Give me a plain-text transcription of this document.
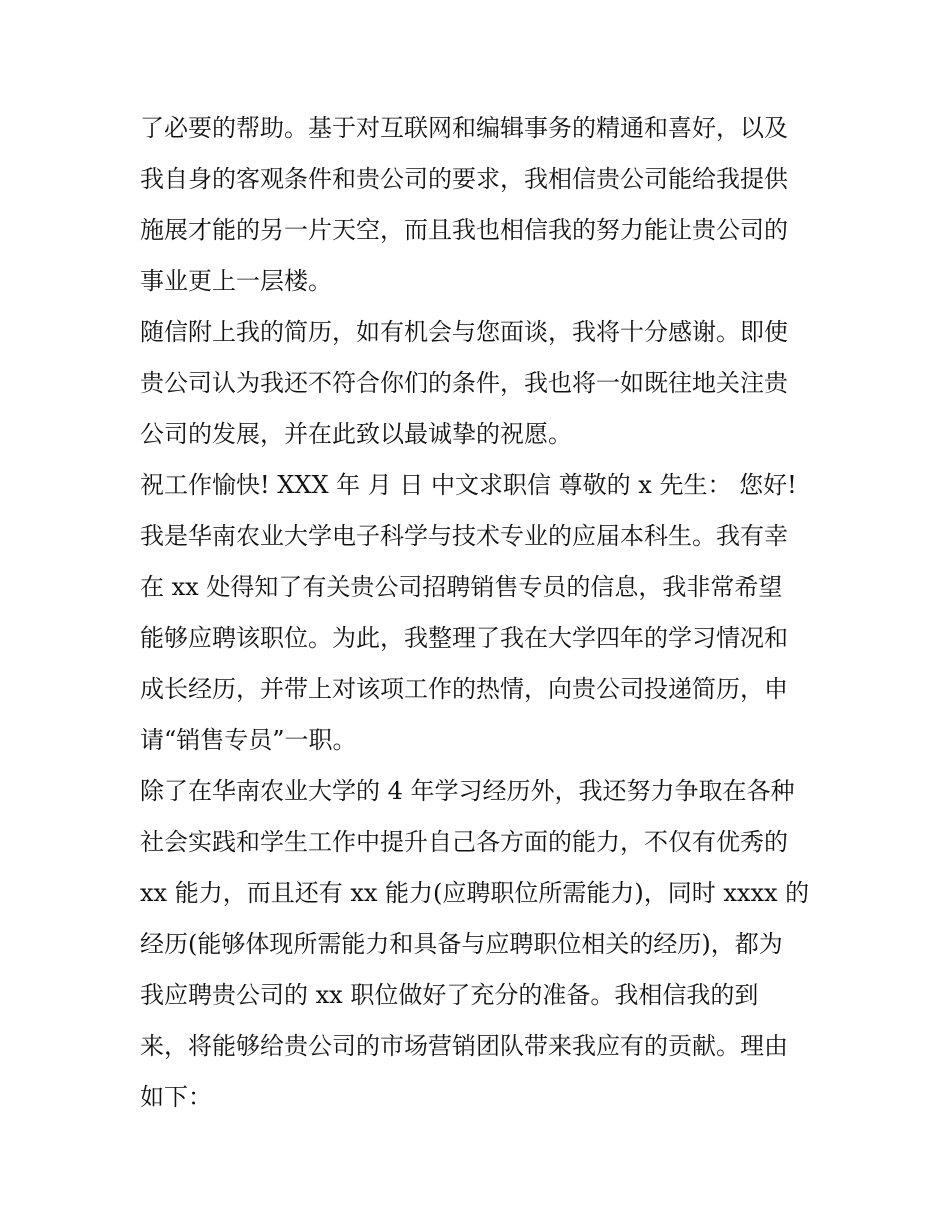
了必要的帮助。基于对互联网和编辑事务的精通和喜好，以及
我自身的客观条件和贵公司的要求，我相信贵公司能给我提供
施展才能的另一片天空，而且我也相信我的努力能让贵公司的
事业更上一层楼。
随信附上我的简历，如有机会与您面谈，我将十分感谢。即使
贵公司认为我还不符合你们的条件，我也将一如既往地关注贵
公司的发展，并在此致以最诚挚的祝愿。
祝工作愉快! XXX 年 月 日 中文求职信 尊敬的 x 先生： 您好!
我是华南农业大学电子科学与技术专业的应届本科生。我有幸
在 xx 处得知了有关贵公司招聘销售专员的信息，我非常希望
能够应聘该职位。为此，我整理了我在大学四年的学习情况和
成长经历，并带上对该项工作的热情，向贵公司投递简历，申
请“销售专员”一职。
除了在华南农业大学的 4 年学习经历外，我还努力争取在各种
社会实践和学生工作中提升自己各方面的能力，不仅有优秀的
xx 能力，而且还有 xx 能力(应聘职位所需能力)，同时 xxxx 的
经历(能够体现所需能力和具备与应聘职位相关的经历)，都为
我应聘贵公司的 xx 职位做好了充分的准备。我相信我的到
来，将能够给贵公司的市场营销团队带来我应有的贡献。理由
如下：
